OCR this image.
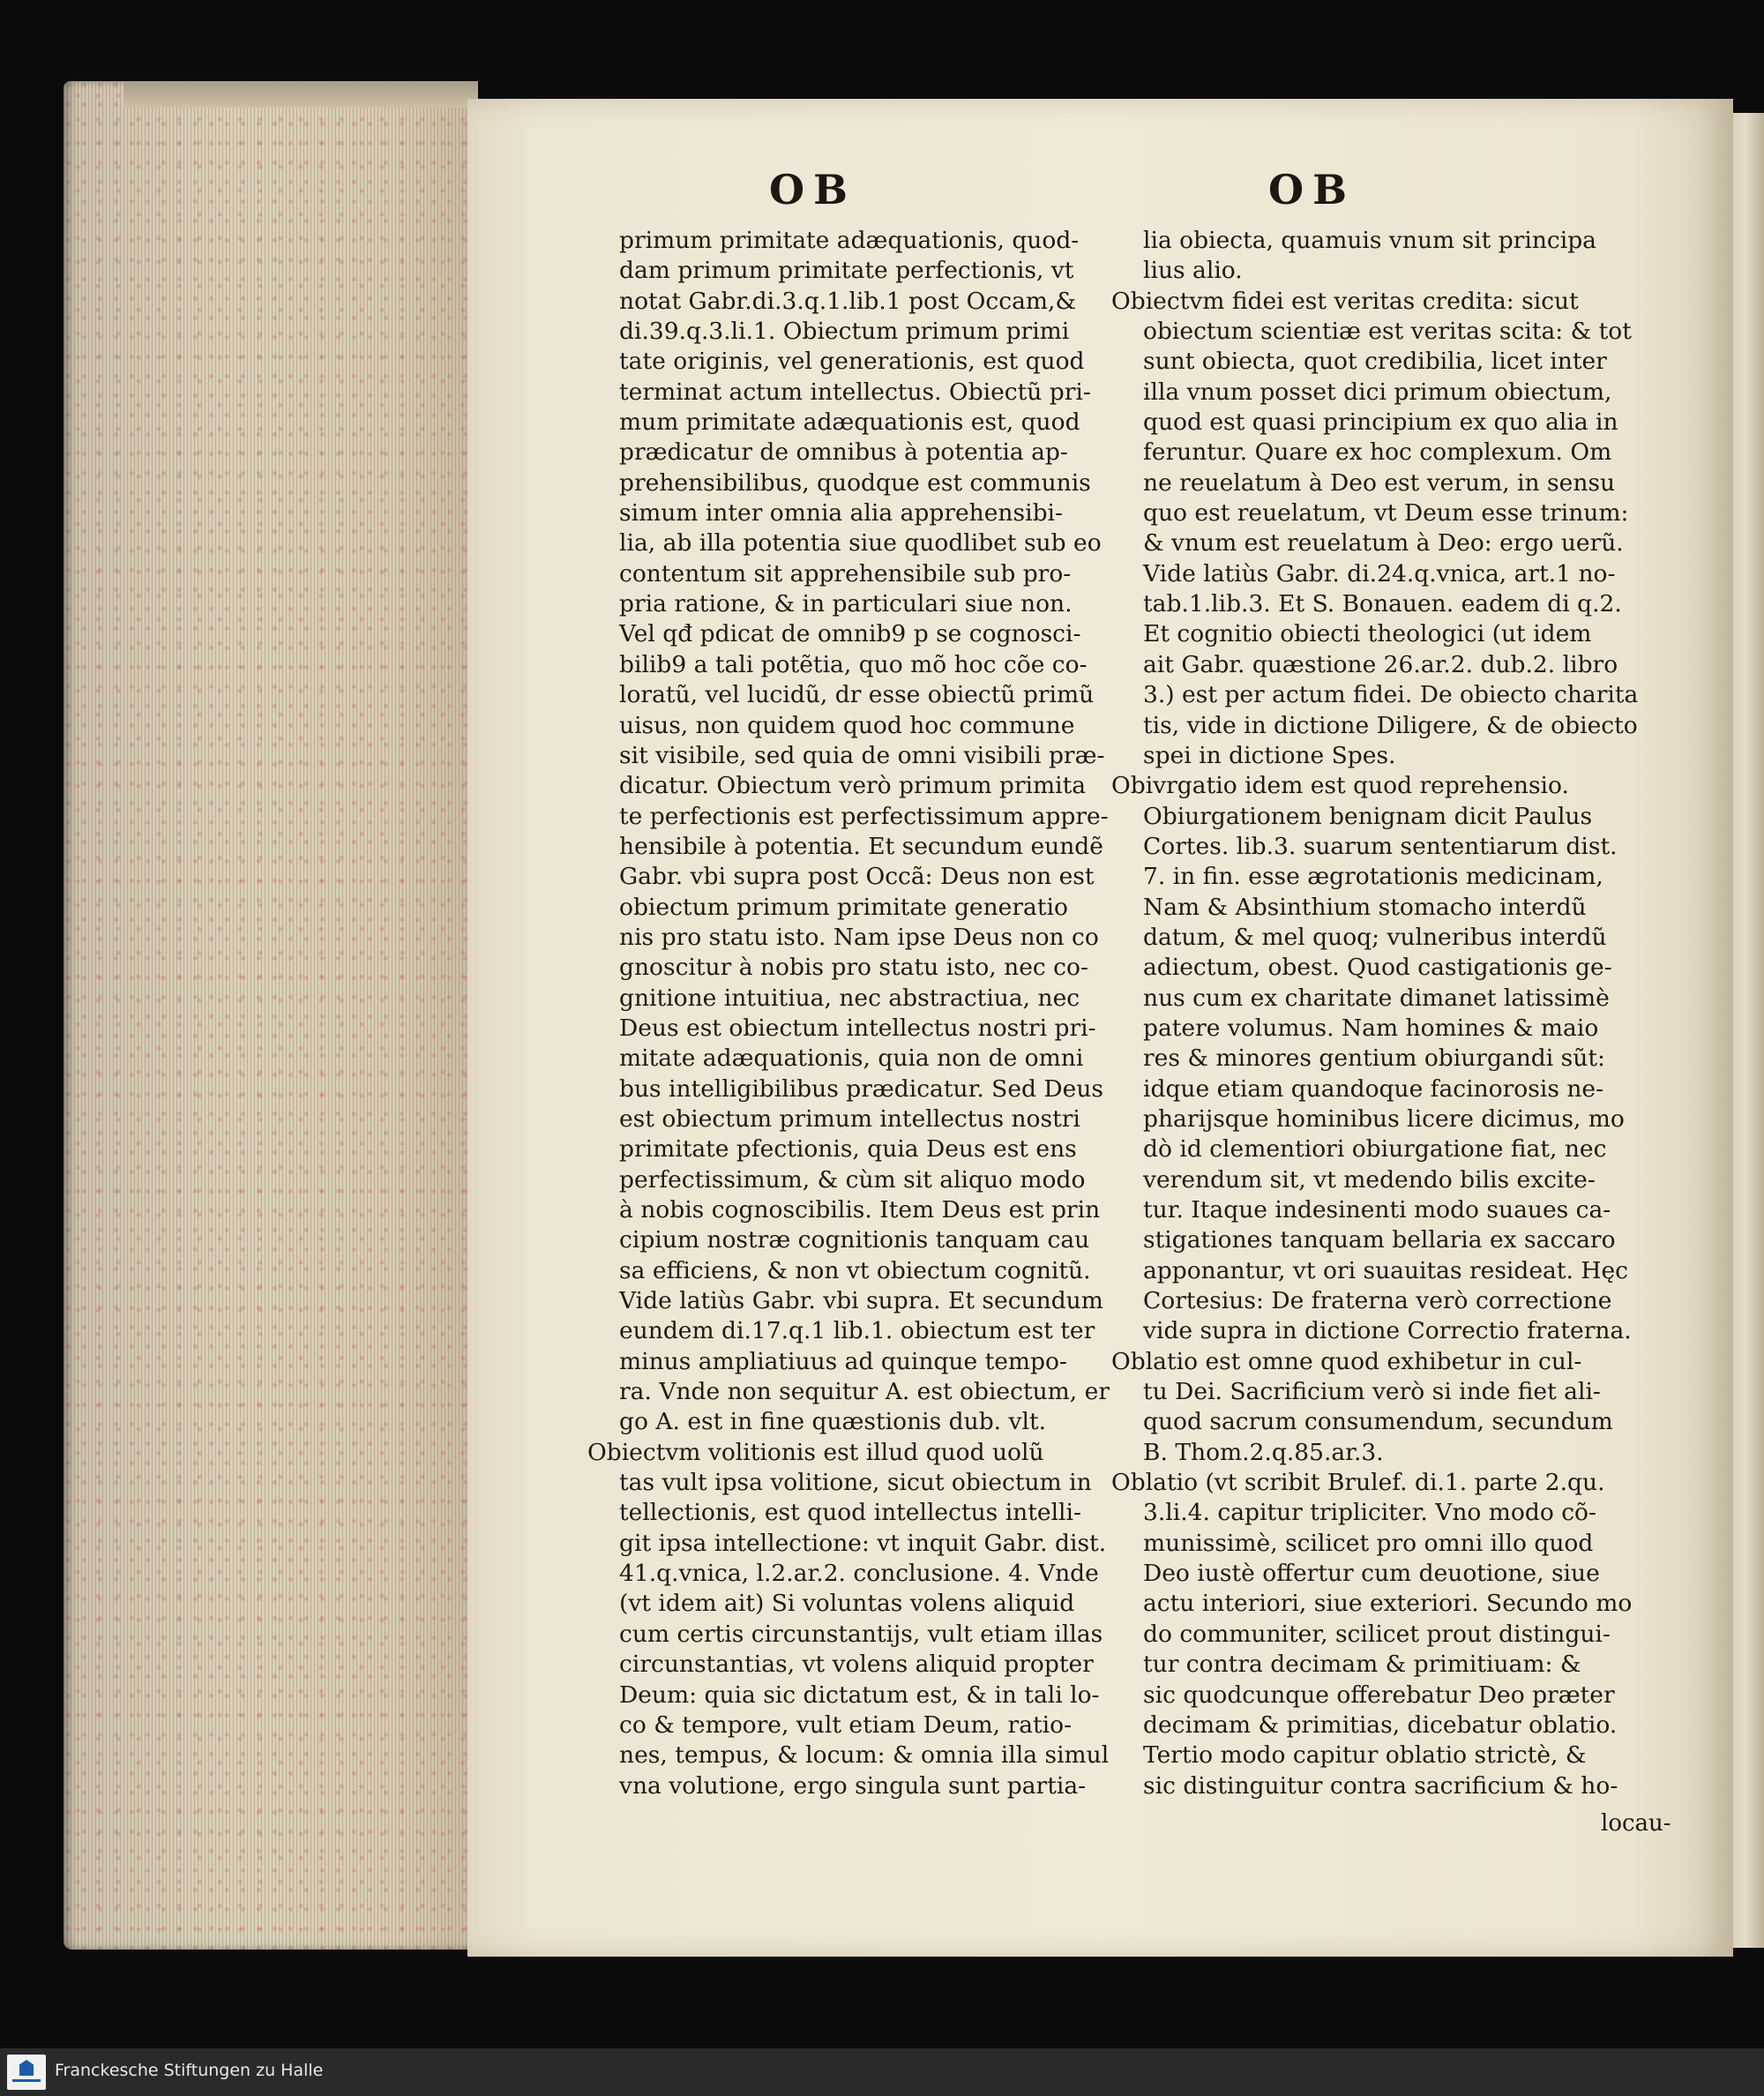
OB	OB
primum primitate adæquationis, quod-
dam primum primitate perfectionis, vt
notat Gabr.di.3.q.1.lib.1 post Occam,&
di.39.q.3.li.1. Obiectum primum primi
tate originis, vel generationis, est quod
terminat actum intellectus. Obiectũ pri-
mum primitate adæquationis est, quod
prædicatur de omnibus à potentia ap-
prehensibilibus, quodque est communis
simum inter omnia alia apprehensibi-
lia, ab illa potentia siue quodlibet sub eo
contentum sit apprehensibile sub pro-
pria ratione, & in particulari siue non.
Vel qđ pdicat de omnib9 p se cognosci-
bilib9 a tali potẽtia, quo mõ hoc cõe co-
loratũ, vel lucidũ, dr esse obiectũ primũ
uisus, non quidem quod hoc commune
sit visibile, sed quia de omni visibili præ-
dicatur. Obiectum verò primum primita
te perfectionis est perfectissimum appre-
hensibile à potentia. Et secundum eundẽ
Gabr. vbi supra post Occã: Deus non est
obiectum primum primitate generatio
nis pro statu isto. Nam ipse Deus non co
gnoscitur à nobis pro statu isto, nec co-
gnitione intuitiua, nec abstractiua, nec
Deus est obiectum intellectus nostri pri-
mitate adæquationis, quia non de omni
bus intelligibilibus prædicatur. Sed Deus
est obiectum primum intellectus nostri
primitate pfectionis, quia Deus est ens
perfectissimum, & cùm sit aliquo modo
à nobis cognoscibilis. Item Deus est prin
cipium nostræ cognitionis tanquam cau
sa efficiens, & non vt obiectum cognitũ.
Vide latiùs Gabr. vbi supra. Et secundum
eundem di.17.q.1 lib.1. obiectum est ter
minus ampliatiuus ad quinque tempo-
ra. Vnde non sequitur A. est obiectum, er
go A. est in fine quæstionis dub. vlt.
Obiectvm volitionis est illud quod uolũ
tas vult ipsa volitione, sicut obiectum in
tellectionis, est quod intellectus intelli-
git ipsa intellectione: vt inquit Gabr. dist.
41.q.vnica, l.2.ar.2. conclusione. 4. Vnde
(vt idem ait) Si voluntas volens aliquid
cum certis circunstantijs, vult etiam illas
circunstantias, vt volens aliquid propter
Deum: quia sic dictatum est, & in tali lo-
co & tempore, vult etiam Deum, ratio-
nes, tempus, & locum: & omnia illa simul
vna volutione, ergo singula sunt partia-
lia obiecta, quamuis vnum sit principa
lius alio.
Obiectvm fidei est veritas credita: sicut
obiectum scientiæ est veritas scita: & tot
sunt obiecta, quot credibilia, licet inter
illa vnum posset dici primum obiectum,
quod est quasi principium ex quo alia in
feruntur. Quare ex hoc complexum. Om
ne reuelatum à Deo est verum, in sensu
quo est reuelatum, vt Deum esse trinum:
& vnum est reuelatum à Deo: ergo uerũ.
Vide latiùs Gabr. di.24.q.vnica, art.1 no-
tab.1.lib.3. Et S. Bonauen. eadem di q.2.
Et cognitio obiecti theologici (ut idem
ait Gabr. quæstione 26.ar.2. dub.2. libro
3.) est per actum fidei. De obiecto charita
tis, vide in dictione Diligere, & de obiecto
spei in dictione Spes.
Obivrgatio idem est quod reprehensio.
Obiurgationem benignam dicit Paulus
Cortes. lib.3. suarum sententiarum dist.
7. in fin. esse ægrotationis medicinam,
Nam & Absinthium stomacho interdũ
datum, & mel quoq; vulneribus interdũ
adiectum, obest. Quod castigationis ge-
nus cum ex charitate dimanet latissimè
patere volumus. Nam homines & maio
res & minores gentium obiurgandi sũt:
idque etiam quandoque facinorosis ne-
pharijsque hominibus licere dicimus, mo
dò id clementiori obiurgatione fiat, nec
verendum sit, vt medendo bilis excite-
tur. Itaque indesinenti modo suaues ca-
stigationes tanquam bellaria ex saccaro
apponantur, vt ori suauitas resideat. Hęc
Cortesius: De fraterna verò correctione
vide supra in dictione Correctio fraterna.
Oblatio est omne quod exhibetur in cul-
tu Dei. Sacrificium verò si inde fiet ali-
quod sacrum consumendum, secundum
B. Thom.2.q.85.ar.3.
Oblatio (vt scribit Brulef. di.1. parte 2.qu.
3.li.4. capitur tripliciter. Vno modo cõ-
munissimè, scilicet pro omni illo quod
Deo iustè offertur cum deuotione, siue
actu interiori, siue exteriori. Secundo mo
do communiter, scilicet prout distingui-
tur contra decimam & primitiuam: &
sic quodcunque offerebatur Deo præter
decimam & primitias, dicebatur oblatio.
Tertio modo capitur oblatio strictè, &
sic distinguitur contra sacrificium & ho-
locau-
Franckesche Stiftungen zu Halle
